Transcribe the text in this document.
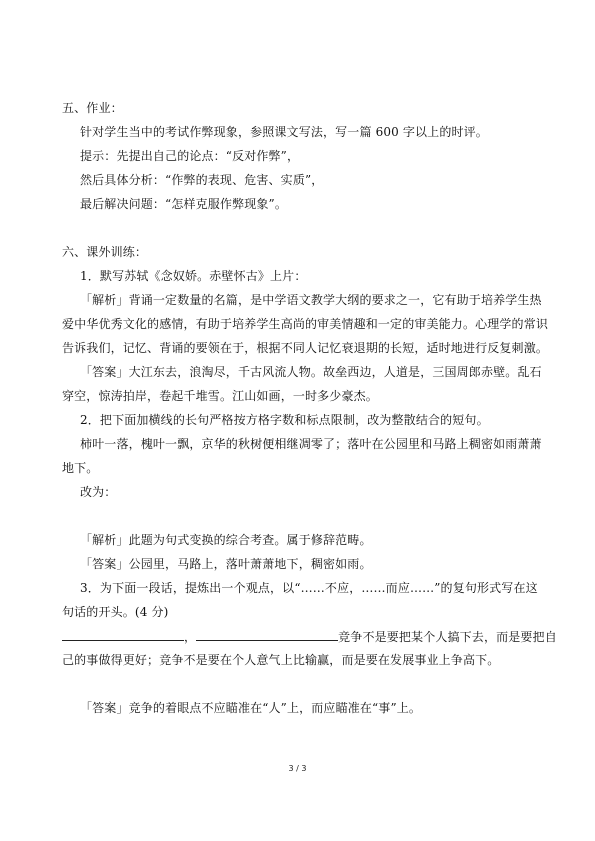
五、作业：
针对学生当中的考试作弊现象，参照课文写法，写一篇 600 字以上的时评。
提示：先提出自己的论点：“反对作弊”，
然后具体分析：“作弊的表现、危害、实质”，
最后解决问题：“怎样克服作弊现象”。
六、课外训练：
1．默写苏轼《念奴娇。赤壁怀古》上片：
「解析」背诵一定数量的名篇，是中学语文教学大纲的要求之一，它有助于培养学生热
爱中华优秀文化的感情，有助于培养学生高尚的审美情趣和一定的审美能力。心理学的常识
告诉我们，记忆、背诵的要领在于，根据不同人记忆衰退期的长短，适时地进行反复刺激。
「答案」大江东去，浪淘尽，千古风流人物。故垒西边，人道是，三国周郎赤壁。乱石
穿空，惊涛拍岸，卷起千堆雪。江山如画，一时多少豪杰。
2．把下面加横线的长句严格按方格字数和标点限制，改为整散结合的短句。
柿叶一落，槐叶一飘，京华的秋树便相继凋零了；落叶在公园里和马路上稠密如雨萧萧
地下。
改为：
「解析」此题为句式变换的综合考查。属于修辞范畴。
「答案」公园里，马路上，落叶萧萧地下，稠密如雨。
3．为下面一段话，提炼出一个观点，以“……不应，……而应……”的复句形式写在这
句话的开头。(4 分)
，	竞争不是要把某个人搞下去，而是要把自
己的事做得更好；竞争不是要在个人意气上比输赢，而是要在发展事业上争高下。
「答案」竞争的着眼点不应瞄准在“人”上，而应瞄准在“事”上。
3 / 3
